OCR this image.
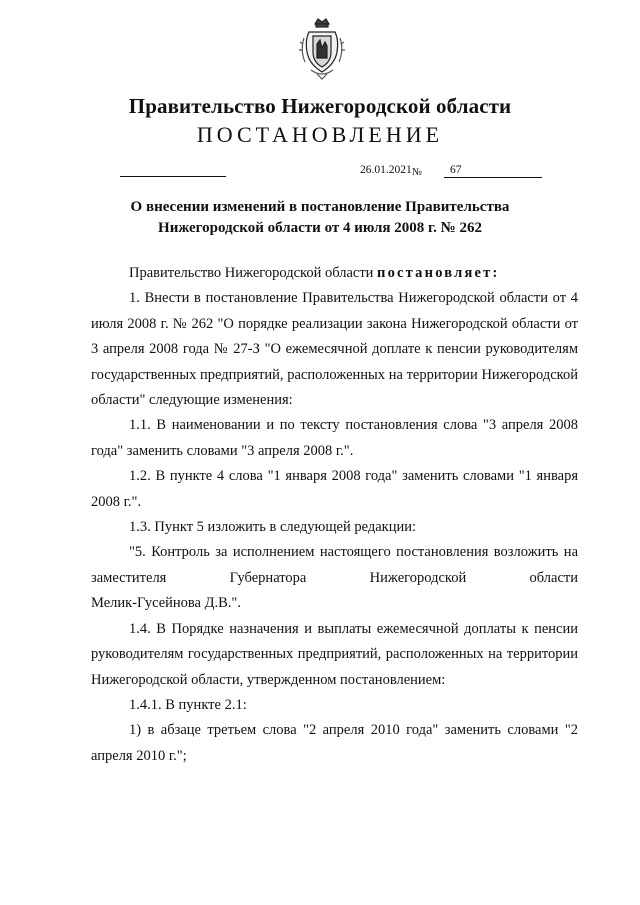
Правительство Нижегородской области
ПОСТАНОВЛЕНИЕ
26.01.2021 № 67
О внесении изменений в постановление Правительства
Нижегородской области от 4 июля 2008 г. № 262

Правительство Нижегородской области постановляет:

1. Внести в постановление Правительства Нижегородской области от 4 июля 2008 г. № 262 "О порядке реализации закона Нижегородской области от 3 апреля 2008 года № 27-З "О ежемесячной доплате к пенсии руководителям государственных предприятий, расположенных на территории Нижегородской области" следующие изменения:

1.1. В наименовании и по тексту постановления слова "3 апреля 2008 года" заменить словами "3 апреля 2008 г.".

1.2. В пункте 4 слова "1 января 2008 года" заменить словами "1 января 2008 г.".

1.3. Пункт 5 изложить в следующей редакции:

"5. Контроль за исполнением настоящего постановления возложить на заместителя Губернатора Нижегородской области

Мелик-Гусейнова Д.В.".

1.4. В Порядке назначения и выплаты ежемесячной доплаты к пенсии руководителям государственных предприятий, расположенных на территории Нижегородской области, утвержденном постановлением:

1.4.1. В пункте 2.1:

1) в абзаце третьем слова "2 апреля 2010 года" заменить словами "2 апреля 2010 г.";
